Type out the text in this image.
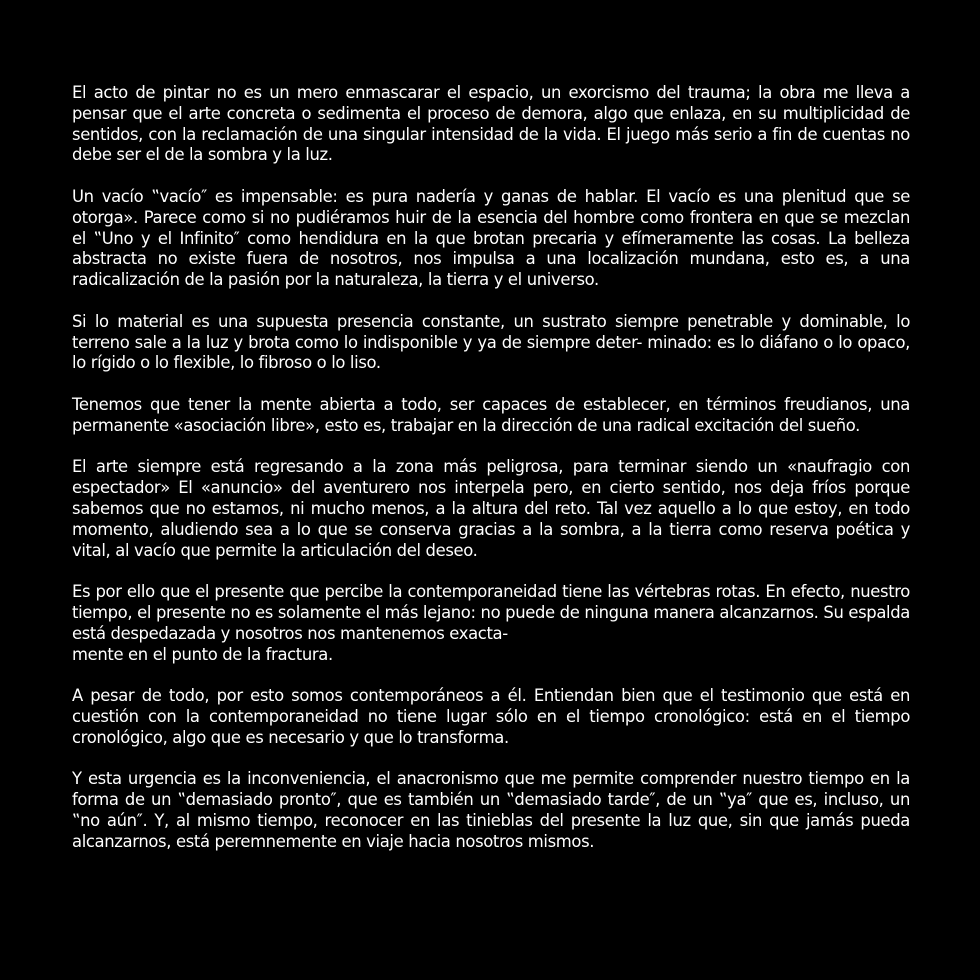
El acto de pintar no es un mero enmascarar el espacio, un exorcismo del trauma; la obra me lleva a pensar que el arte concreta o sedimenta el proceso de demora, algo que enlaza, en su multiplicidad de sentidos, con la reclamación de una singular intensidad de la vida. El juego más serio a fin de cuentas no debe ser el de la sombra y la luz.

Un vacío ‟vacío″ es impensable: es pura nadería y ganas de hablar. El vacío es una plenitud que se otorga». Parece como si no pudiéramos huir de la esencia del hombre como frontera en que se mezclan el ‟Uno y el Infinito″ como hendidura en la que brotan precaria y efímeramente las cosas. La belleza abstracta no existe fuera de nosotros, nos impulsa a una localización mundana, esto es, a una radicalización de la pasión por la naturaleza, la tierra y el universo.

Si lo material es una supuesta presencia constante, un sustrato siempre penetrable y dominable, lo terreno sale a la luz y brota como lo indisponible y ya de siempre deter- minado: es lo diáfano o lo opaco, lo rígido o lo flexible, lo fibroso o lo liso.

Tenemos que tener la mente abierta a todo, ser capaces de establecer, en términos freudianos, una permanente «asociación libre», esto es, trabajar en la dirección de una radical excitación del sueño.

El arte siempre está regresando a la zona más peligrosa, para terminar siendo un «naufragio con espectador» El «anuncio» del aventurero nos interpela pero, en cierto sentido, nos deja fríos porque sabemos que no estamos, ni mucho menos, a la altura del reto. Tal vez aquello a lo que estoy, en todo momento, aludiendo sea a lo que se conserva gracias a la sombra, a la tierra como reserva poética y vital, al vacío que permite la articulación del deseo.

Es por ello que el presente que percibe la contemporaneidad tiene las vértebras rotas. En efecto, nuestro tiempo, el presente no es solamente el más lejano: no puede de ninguna manera alcanzarnos. Su espalda está despedazada y nosotros nos mantenemos exacta-
mente en el punto de la fractura.

A pesar de todo, por esto somos contemporáneos a él. Entiendan bien que el testimonio que está en cuestión con la contemporaneidad no tiene lugar sólo en el tiempo cronológico: está en el tiempo cronológico, algo que es necesario y que lo transforma.

Y esta urgencia es la inconveniencia, el anacronismo que me permite comprender nuestro tiempo en la forma de un ‟demasiado pronto″, que es también un ‟demasiado tarde″, de un ‟ya″ que es, incluso, un ‟no aún″. Y, al mismo tiempo, reconocer en las tinieblas del presente la luz que, sin que jamás pueda alcanzarnos, está peremnemente en viaje hacia nosotros mismos.
